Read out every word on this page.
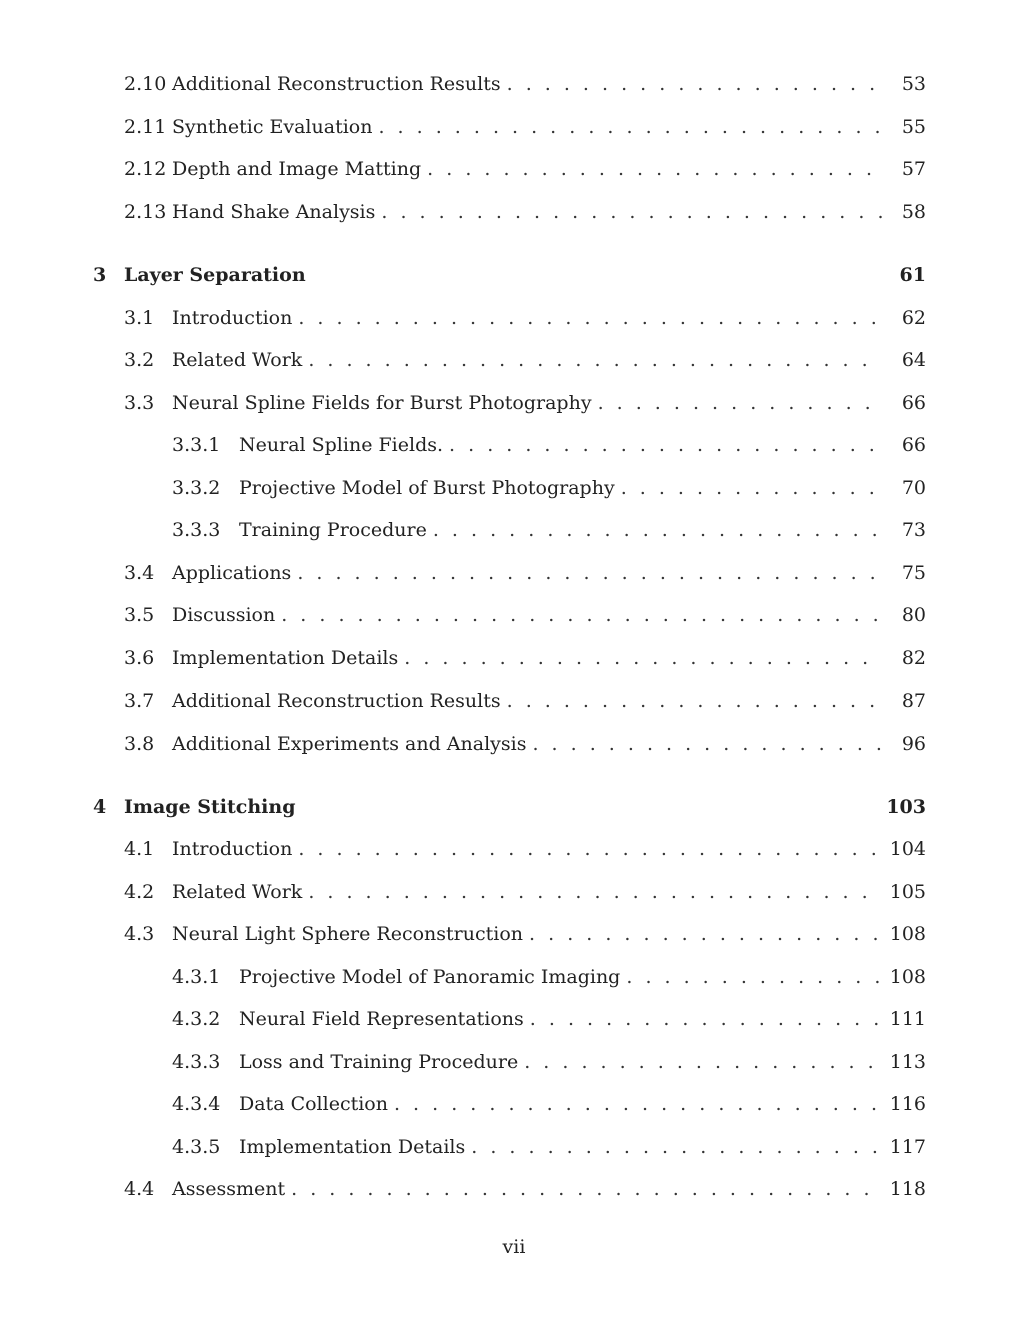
2.10 Additional Reconstruction Results . . .	53
2.11 Synthetic Evaluation . . .	55
2.12 Depth and Image Matting . . .	57
2.13 Hand Shake Analysis . . .	58
3 Layer Separation	61
3.1 Introduction . . .	62
3.2 Related Work . . .	64
3.3 Neural Spline Fields for Burst Photography . . .	66
3.3.1 Neural Spline Fields. . . .	66
3.3.2 Projective Model of Burst Photography . . .	70
3.3.3 Training Procedure . . .	73
3.4 Applications . . .	75
3.5 Discussion . . .	80
3.6 Implementation Details . . .	82
3.7 Additional Reconstruction Results . . .	87
3.8 Additional Experiments and Analysis . . .	96
4 Image Stitching	103
4.1 Introduction . . .	104
4.2 Related Work . . .	105
4.3 Neural Light Sphere Reconstruction . . .	108
4.3.1 Projective Model of Panoramic Imaging . . .	108
4.3.2 Neural Field Representations . . .	111
4.3.3 Loss and Training Procedure . . .	113
4.3.4 Data Collection . . .	116
4.3.5 Implementation Details . . .	117
4.4 Assessment . . .	118
vii
